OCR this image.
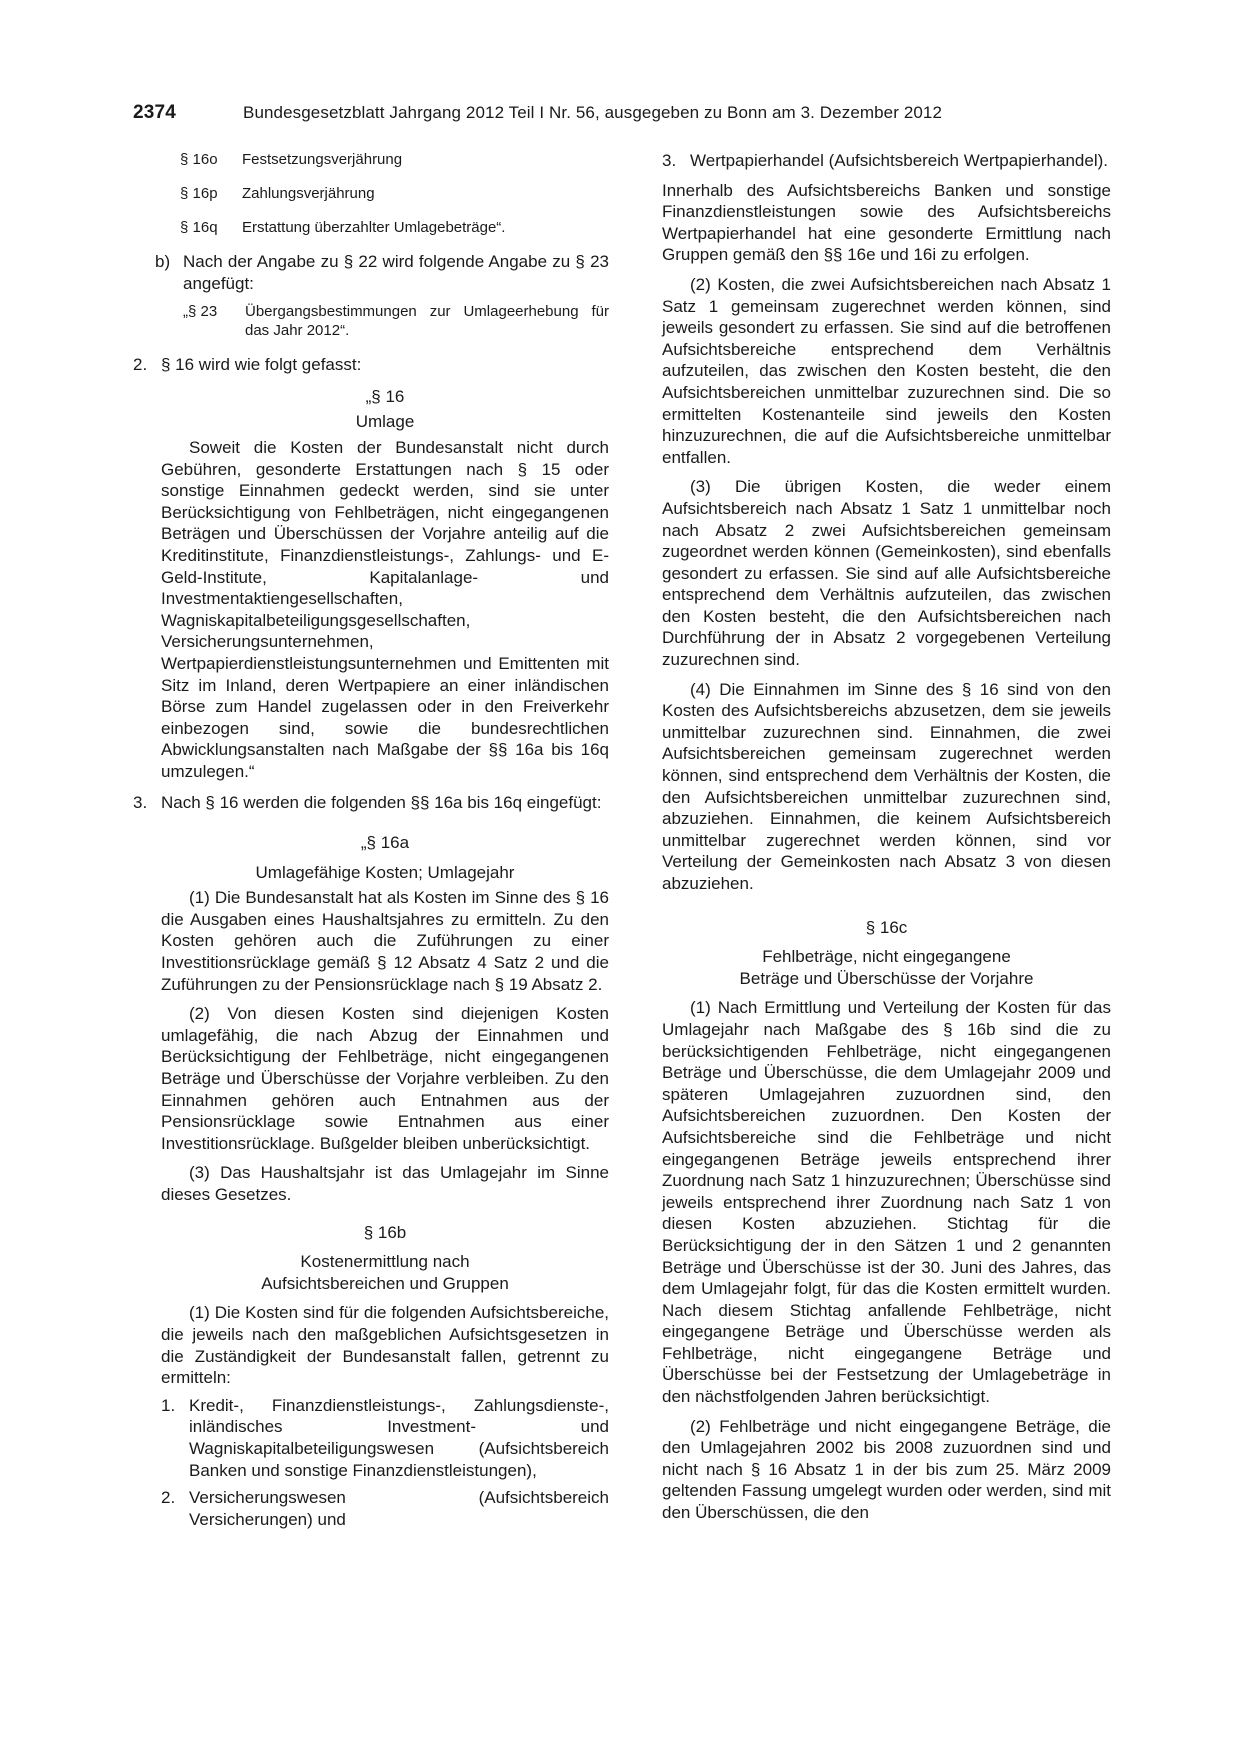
2374	Bundesgesetzblatt Jahrgang 2012 Teil I Nr. 56, ausgegeben zu Bonn am 3. Dezember 2012
§ 16o	Festsetzungsverjährung
§ 16p	Zahlungsverjährung
§ 16q	Erstattung überzahlter Umlagebeträge“.
b) Nach der Angabe zu § 22 wird folgende Angabe zu § 23 angefügt:
„§ 23	Übergangsbestimmungen zur Umlageerhebung für das Jahr 2012“.
2. § 16 wird wie folgt gefasst:
„§ 16
Umlage

Soweit die Kosten der Bundesanstalt nicht durch Gebühren, gesonderte Erstattungen nach § 15 oder sonstige Einnahmen gedeckt werden, sind sie unter Berücksichtigung von Fehlbeträgen, nicht eingegangenen Beträgen und Überschüssen der Vorjahre anteilig auf die Kreditinstitute, Finanzdienstleistungs-, Zahlungs- und E-Geld-Institute, Kapitalanlage- und Investmentaktiengesellschaften, Wagniskapitalbeteiligungsgesellschaften, Versicherungsunternehmen, Wertpapierdienstleistungsunternehmen und Emittenten mit Sitz im Inland, deren Wertpapiere an einer inländischen Börse zum Handel zugelassen oder in den Freiverkehr einbezogen sind, sowie die bundesrechtlichen Abwicklungsanstalten nach Maßgabe der §§ 16a bis 16q umzulegen.“

3. Nach § 16 werden die folgenden §§ 16a bis 16q eingefügt:
„§ 16a
Umlagefähige Kosten; Umlagejahr

(1) Die Bundesanstalt hat als Kosten im Sinne des § 16 die Ausgaben eines Haushaltsjahres zu ermitteln. Zu den Kosten gehören auch die Zuführungen zu einer Investitionsrücklage gemäß § 12 Absatz 4 Satz 2 und die Zuführungen zu der Pensionsrücklage nach § 19 Absatz 2.

(2) Von diesen Kosten sind diejenigen Kosten umlagefähig, die nach Abzug der Einnahmen und Berücksichtigung der Fehlbeträge, nicht eingegangenen Beträge und Überschüsse der Vorjahre verbleiben. Zu den Einnahmen gehören auch Entnahmen aus der Pensionsrücklage sowie Entnahmen aus einer Investitionsrücklage. Bußgelder bleiben unberücksichtigt.

(3) Das Haushaltsjahr ist das Umlagejahr im Sinne dieses Gesetzes.

§ 16b
Kostenermittlung nach
Aufsichtsbereichen und Gruppen

(1) Die Kosten sind für die folgenden Aufsichtsbereiche, die jeweils nach den maßgeblichen Aufsichtsgesetzen in die Zuständigkeit der Bundesanstalt fallen, getrennt zu ermitteln:

1. Kredit-, Finanzdienstleistungs-, Zahlungsdienste-, inländisches Investment- und Wagniskapitalbeteiligungswesen (Aufsichtsbereich Banken und sonstige Finanzdienstleistungen),
2. Versicherungswesen (Aufsichtsbereich Versicherungen) und
3. Wertpapierhandel (Aufsichtsbereich Wertpapierhandel).

Innerhalb des Aufsichtsbereichs Banken und sonstige Finanzdienstleistungen sowie des Aufsichtsbereichs Wertpapierhandel hat eine gesonderte Ermittlung nach Gruppen gemäß den §§ 16e und 16i zu erfolgen.

(2) Kosten, die zwei Aufsichtsbereichen nach Absatz 1 Satz 1 gemeinsam zugerechnet werden können, sind jeweils gesondert zu erfassen. Sie sind auf die betroffenen Aufsichtsbereiche entsprechend dem Verhältnis aufzuteilen, das zwischen den Kosten besteht, die den Aufsichtsbereichen unmittelbar zuzurechnen sind. Die so ermittelten Kostenanteile sind jeweils den Kosten hinzuzurechnen, die auf die Aufsichtsbereiche unmittelbar entfallen.

(3) Die übrigen Kosten, die weder einem Aufsichtsbereich nach Absatz 1 Satz 1 unmittelbar noch nach Absatz 2 zwei Aufsichtsbereichen gemeinsam zugeordnet werden können (Gemeinkosten), sind ebenfalls gesondert zu erfassen. Sie sind auf alle Aufsichtsbereiche entsprechend dem Verhältnis aufzuteilen, das zwischen den Kosten besteht, die den Aufsichtsbereichen nach Durchführung der in Absatz 2 vorgegebenen Verteilung zuzurechnen sind.

(4) Die Einnahmen im Sinne des § 16 sind von den Kosten des Aufsichtsbereichs abzusetzen, dem sie jeweils unmittelbar zuzurechnen sind. Einnahmen, die zwei Aufsichtsbereichen gemeinsam zugerechnet werden können, sind entsprechend dem Verhältnis der Kosten, die den Aufsichtsbereichen unmittelbar zuzurechnen sind, abzuziehen. Einnahmen, die keinem Aufsichtsbereich unmittelbar zugerechnet werden können, sind vor Verteilung der Gemeinkosten nach Absatz 3 von diesen abzuziehen.

§ 16c
Fehlbeträge, nicht eingegangene
Beträge und Überschüsse der Vorjahre

(1) Nach Ermittlung und Verteilung der Kosten für das Umlagejahr nach Maßgabe des § 16b sind die zu berücksichtigenden Fehlbeträge, nicht eingegangenen Beträge und Überschüsse, die dem Umlagejahr 2009 und späteren Umlagejahren zuzuordnen sind, den Aufsichtsbereichen zuzuordnen. Den Kosten der Aufsichtsbereiche sind die Fehlbeträge und nicht eingegangenen Beträge jeweils entsprechend ihrer Zuordnung nach Satz 1 hinzuzurechnen; Überschüsse sind jeweils entsprechend ihrer Zuordnung nach Satz 1 von diesen Kosten abzuziehen. Stichtag für die Berücksichtigung der in den Sätzen 1 und 2 genannten Beträge und Überschüsse ist der 30. Juni des Jahres, das dem Umlagejahr folgt, für das die Kosten ermittelt wurden. Nach diesem Stichtag anfallende Fehlbeträge, nicht eingegangene Beträge und Überschüsse werden als Fehlbeträge, nicht eingegangene Beträge und Überschüsse bei der Festsetzung der Umlagebeträge in den nächstfolgenden Jahren berücksichtigt.

(2) Fehlbeträge und nicht eingegangene Beträge, die den Umlagejahren 2002 bis 2008 zuzuordnen sind und nicht nach § 16 Absatz 1 in der bis zum 25. März 2009 geltenden Fassung umgelegt wurden oder werden, sind mit den Überschüssen, die den
